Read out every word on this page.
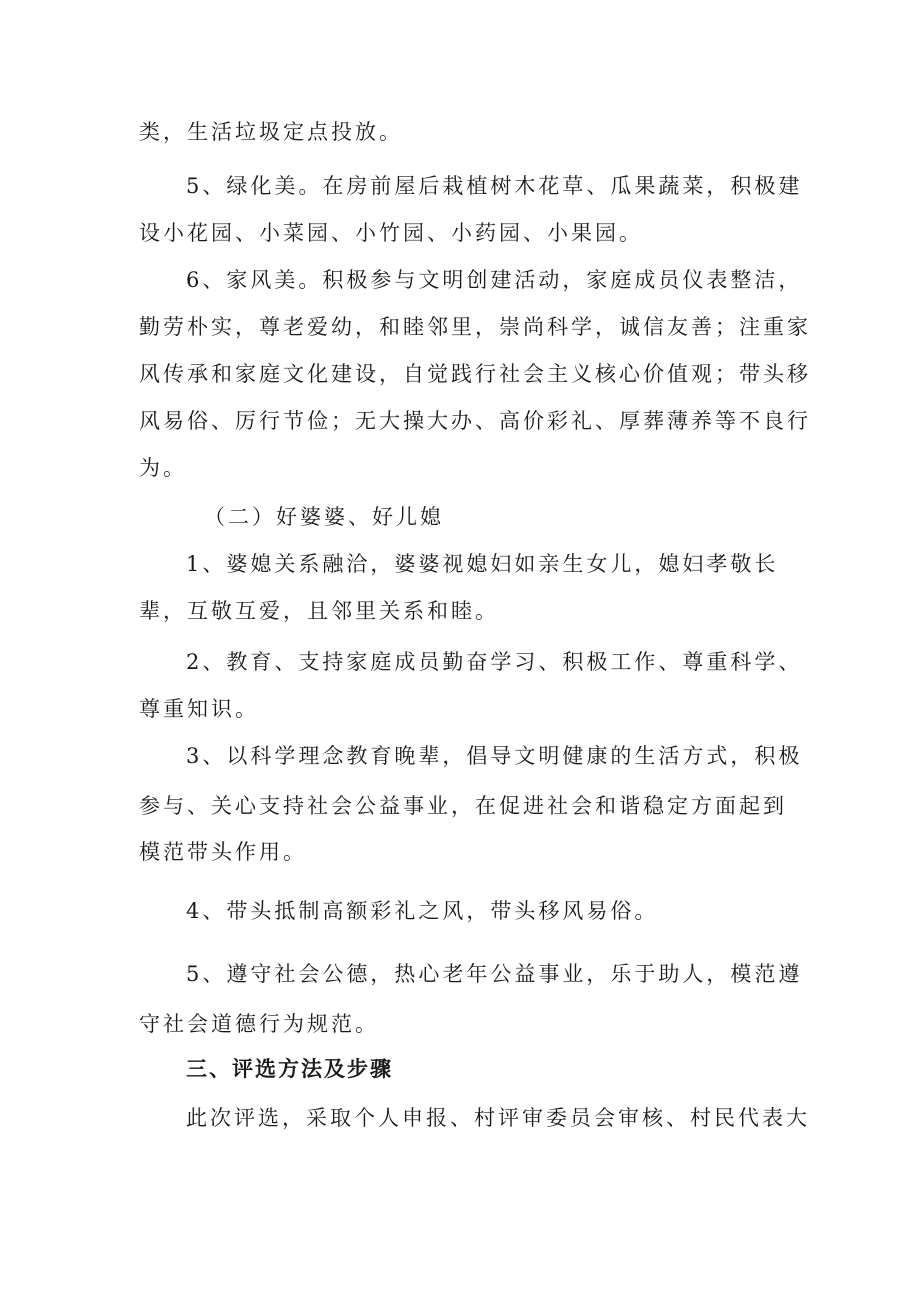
类，生活垃圾定点投放。
5、绿化美。在房前屋后栽植树木花草、瓜果蔬菜，积极建
设小花园、小菜园、小竹园、小药园、小果园。
6、家风美。积极参与文明创建活动，家庭成员仪表整洁，
勤劳朴实，尊老爱幼，和睦邻里，崇尚科学，诚信友善；注重家
风传承和家庭文化建设，自觉践行社会主义核心价值观；带头移
风易俗、厉行节俭；无大操大办、高价彩礼、厚葬薄养等不良行
为。
（二）好婆婆、好儿媳
1、婆媳关系融洽，婆婆视媳妇如亲生女儿，媳妇孝敬长
辈，互敬互爱，且邻里关系和睦。
2、教育、支持家庭成员勤奋学习、积极工作、尊重科学、
尊重知识。
3、以科学理念教育晚辈，倡导文明健康的生活方式，积极
参与、关心支持社会公益事业，在促进社会和谐稳定方面起到
模范带头作用。
4、带头抵制高额彩礼之风，带头移风易俗。
5、遵守社会公德，热心老年公益事业，乐于助人，模范遵
守社会道德行为规范。
三、评选方法及步骤
此次评选，采取个人申报、村评审委员会审核、村民代表大
